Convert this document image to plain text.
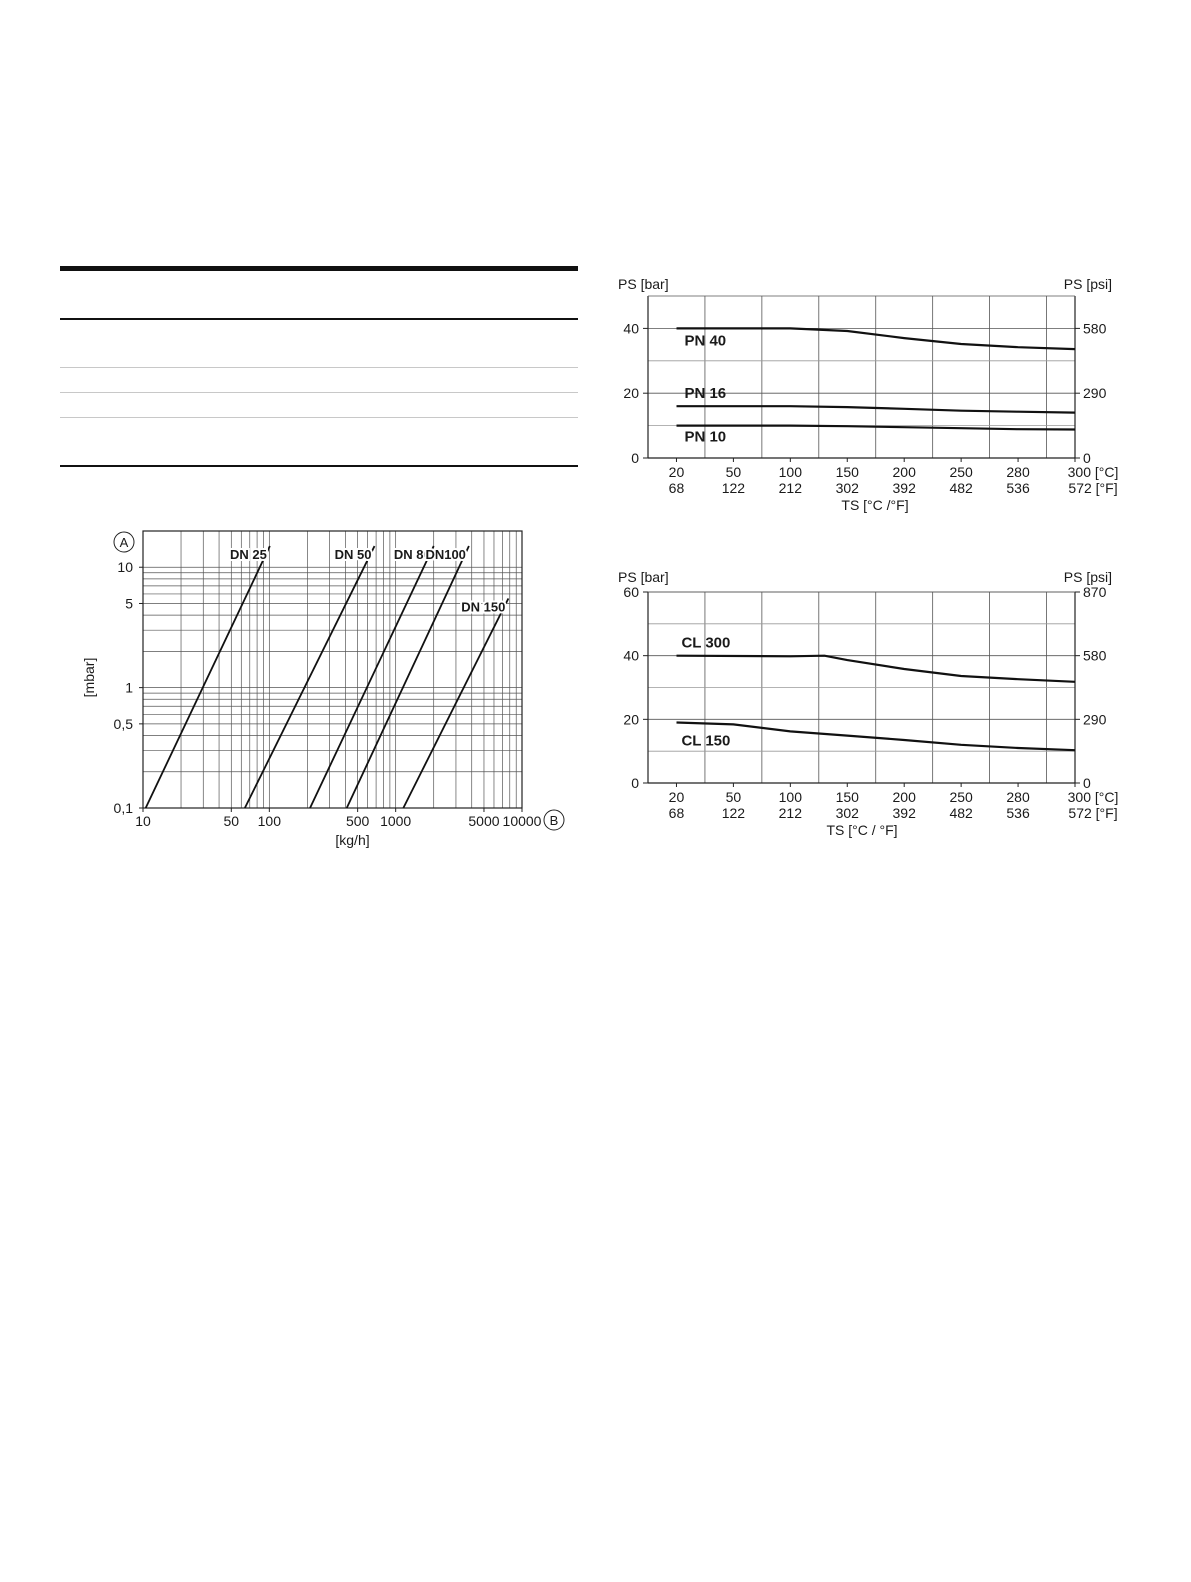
10	50 100	500 1000	5000 10000
0,1
0,5
1
5
10
[kg/h]
[mbar]
A
B
DN 25	DN 50 DN 80
DN100
DN 150
0	0
20	290
40	580
PS [bar]	PS [psi]
20
68
50
122
100
212
150
302
200
392
250
482
280
536
300 [°C]
572 [°F]
TS [°C /°F]
PN 40
PN 16
PN 10
0	0
20	290
40	580
60	870
PS [bar]	PS [psi]
20
68
50
122
100
212
150
302
200
392
250
482
280
536
300 [°C]
572 [°F]
TS [°C / °F]
CL 300
CL 150
